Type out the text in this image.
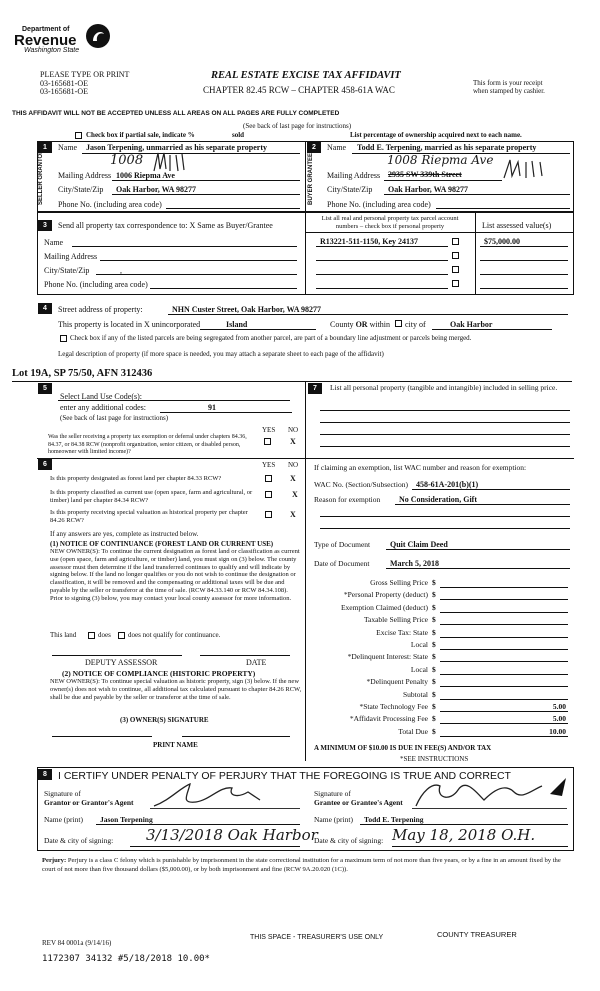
Department of
Revenue
Washington State
PLEASE TYPE OR PRINT
03-165681-OE
03-165681-OE
REAL ESTATE EXCISE TAX AFFIDAVIT
CHAPTER 82.45 RCW – CHAPTER 458-61A WAC
This form is your receipt
when stamped by cashier.
THIS AFFIDAVIT WILL NOT BE ACCEPTED UNLESS ALL AREAS ON ALL PAGES ARE FULLY COMPLETED
(See back of last page for instructions)
Check box if partial sale, indicate %	sold	List percentage of ownership acquired next to each name.
1
SELLER GRANTOR
Name Jason Terpening, unmarried as his separate property
1008
Mailing Address 1006 Riepma Ave
City/State/Zip Oak Harbor, WA 98277
Phone No. (including area code)
2
BUYER GRANTEE
Name Todd E. Terpening, married as his separate property
1008 Riepma Ave
Mailing Address 2935 SW 339th Street
City/State/Zip Oak Harbor, WA 98277
Phone No. (including area code)
3	Send all property tax correspondence to: X Same as Buyer/Grantee
Name
Mailing Address
City/State/Zip	,
Phone No. (including area code)
List all real and personal property tax parcel account numbers – check box if personal property	List assessed value(s)
R13221-511-1150, Key 24137	$75,000.00
4	Street address of property:	NHN Custer Street, Oak Harbor, WA 98277
This property is located in X unincorporated	Island	County OR within city of	Oak Harbor
Check box if any of the listed parcels are being segregated from another parcel, are part of a boundary line adjustment or parcels being merged.
Legal description of property (if more space is needed, you may attach a separate sheet to each page of the affidavit)
Lot 19A, SP 75/50, AFN 312436
5
Select Land Use Code(s):
enter any additional codes:	91
(See back of last page for instructions)
YES NO
Was the seller receiving a property tax exemption or deferral under chapters 84.36, 84.37, or 84.38 RCW (nonprofit organization, senior citizen, or disabled person, homeowner with limited income)?
X
6	YES NO
Is this property designated as forest land per chapter 84.33 RCW?	X
Is this property classified as current use (open space, farm and agricultural, or timber) land per chapter 84.34 RCW?
X
Is this property receiving special valuation as historical property per chapter 84.26 RCW?
X
If any answers are yes, complete as instructed below.
(1) NOTICE OF CONTINUANCE (FOREST LAND OR CURRENT USE)
NEW OWNER(S): To continue the current designation as forest land or classification as current use (open space, farm and agriculture, or timber) land, you must sign on (3) below. The county assessor must then determine if the land transferred continues to qualify and will indicate by signing below. If the land no longer qualifies or you do not wish to continue the designation or classification, it will be removed and the compensating or additional taxes will be due and payable by the seller or transferor at the time of sale. (RCW 84.33.140 or RCW 84.34.108). Prior to signing (3) below, you may contact your local county assessor for more information.
This land	does does not qualify for continuance.
DEPUTY ASSESSOR	DATE
(2) NOTICE OF COMPLIANCE (HISTORIC PROPERTY)
NEW OWNER(S): To continue special valuation as historic property, sign (3) below. If the new owner(s) does not wish to continue, all additional tax calculated pursuant to chapter 84.26 RCW, shall be due and payable by the seller or transferor at the time of sale.
(3) OWNER(S) SIGNATURE
PRINT NAME
7	List all personal property (tangible and intangible) included in selling price.
If claiming an exemption, list WAC number and reason for exemption:
WAC No. (Section/Subsection) 458-61A-201(b)(1)
Reason for exemption No Consideration, Gift
Type of Document Quit Claim Deed
Date of Document	March 5, 2018
Gross Selling Price $
*Personal Property (deduct) $
Exemption Claimed (deduct) $
Taxable Selling Price $
Excise Tax: State $
Local $
*Delinquent Interest: State $
Local $
*Delinquent Penalty $
Subtotal $
*State Technology Fee $	5.00
*Affidavit Processing Fee $	5.00
Total Due $	10.00
A MINIMUM OF $10.00 IS DUE IN FEE(S) AND/OR TAX
*SEE INSTRUCTIONS
8	I CERTIFY UNDER PENALTY OF PERJURY THAT THE FOREGOING IS TRUE AND CORRECT
Signature of
Grantor or Grantor's Agent
Signature of
Grantee or Grantee's Agent
Name (print) Jason Terpening	Name (print) Todd E. Terpening
Date & city of signing: 3/13/2018 Oak Harbor
Date & city of signing: May 18, 2018 O.H.
Perjury: Perjury is a class C felony which is punishable by imprisonment in the state correctional institution for a maximum term of not more than five years, or by a fine in an amount fixed by the court of not more than five thousand dollars ($5,000.00), or by both imprisonment and fine (RCW 9A.20.020 (1C)).
REV 84 0001a (9/14/16)
THIS SPACE - TREASURER'S USE ONLY	COUNTY TREASURER
1172307 34132 #5/18/2018 10.00*
